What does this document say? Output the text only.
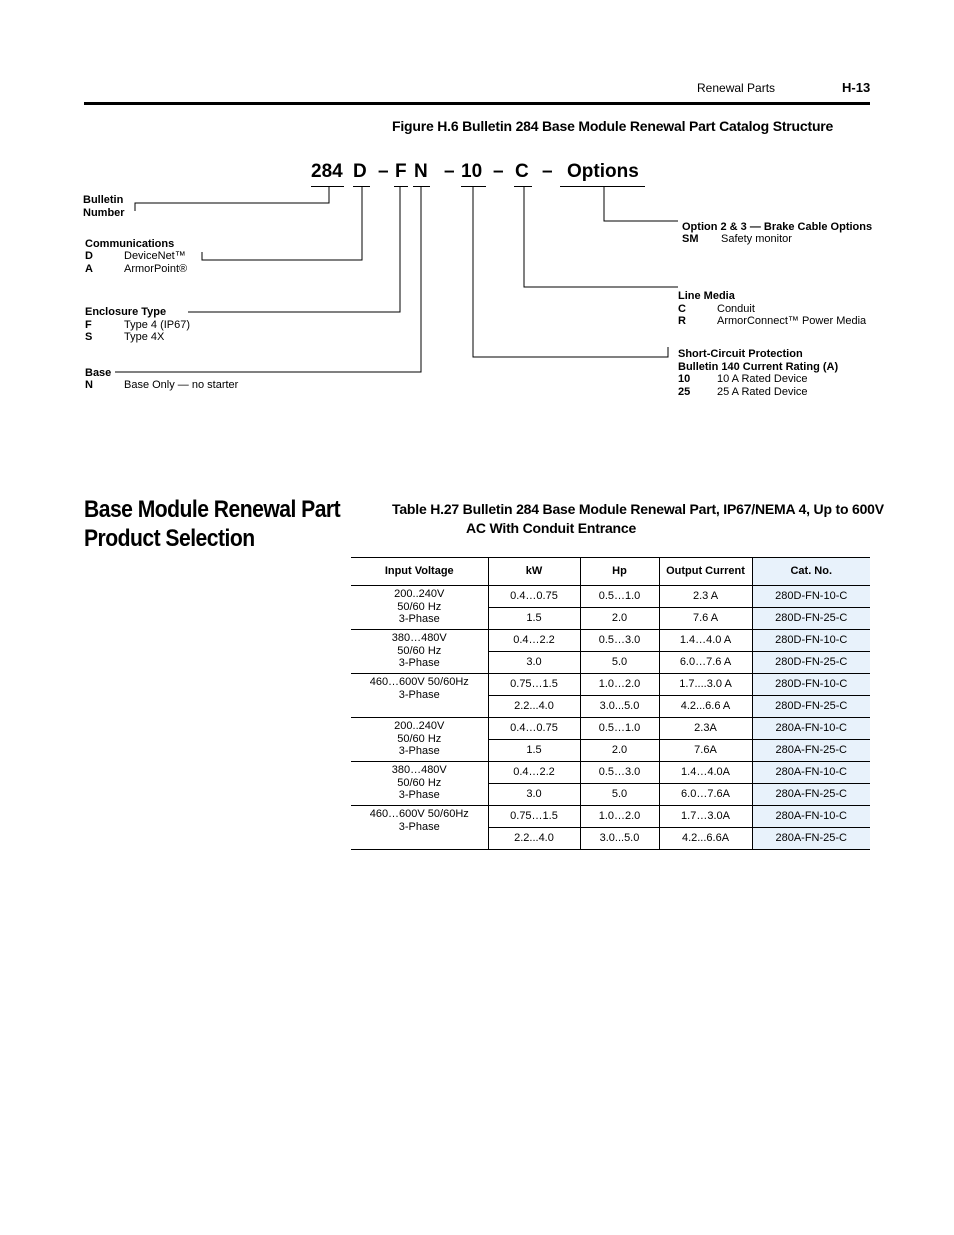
Renewal Parts	H-13
Figure H.6 Bulletin 284 Base Module Renewal Part Catalog Structure
284 D – F N – 10 – C – Options
Bulletin
Number
Communications
D	DeviceNet™
A	ArmorPoint®
Enclosure Type
F	Type 4 (IP67)
S	Type 4X
Base
N	Base Only — no starter
Option 2 & 3 — Brake Cable Options
SM Safety monitor
Line Media
C	Conduit
R	ArmorConnect™ Power Media
Short-Circuit Protection
Bulletin 140 Current Rating (A)
10 10 A Rated Device
25 25 A Rated Device
Base Module Renewal Part
Product Selection
Table H.27 Bulletin 284 Base Module Renewal Part, IP67/NEMA 4, Up to 600V
AC With Conduit Entrance
Input Voltage	kW	Hp	Output Current	Cat. No.

200..240V
50/60 Hz
3-Phase	0.4…0.75	0.5…1.0	2.3 A	280D-FN-10-C
	1.5	2.0	7.6 A	280D-FN-25-C

380…480V
50/60 Hz
3-Phase	0.4…2.2	0.5…3.0	1.4…4.0 A	280D-FN-10-C
	3.0	5.0	6.0…7.6 A	280D-FN-25-C

460…600V 50/60Hz
3-Phase	0.75…1.5	1.0…2.0	1.7....3.0 A	280D-FN-10-C
	2.2...4.0	3.0...5.0	4.2...6.6 A	280D-FN-25-C

200..240V
50/60 Hz
3-Phase	0.4…0.75	0.5…1.0	2.3A	280A-FN-10-C
	1.5	2.0	7.6A	280A-FN-25-C

380…480V
50/60 Hz
3-Phase	0.4…2.2	0.5…3.0	1.4…4.0A	280A-FN-10-C
	3.0	5.0	6.0…7.6A	280A-FN-25-C

460…600V 50/60Hz
3-Phase	0.75…1.5	1.0…2.0	1.7…3.0A	280A-FN-10-C
	2.2...4.0	3.0...5.0	4.2...6.6A	280A-FN-25-C
